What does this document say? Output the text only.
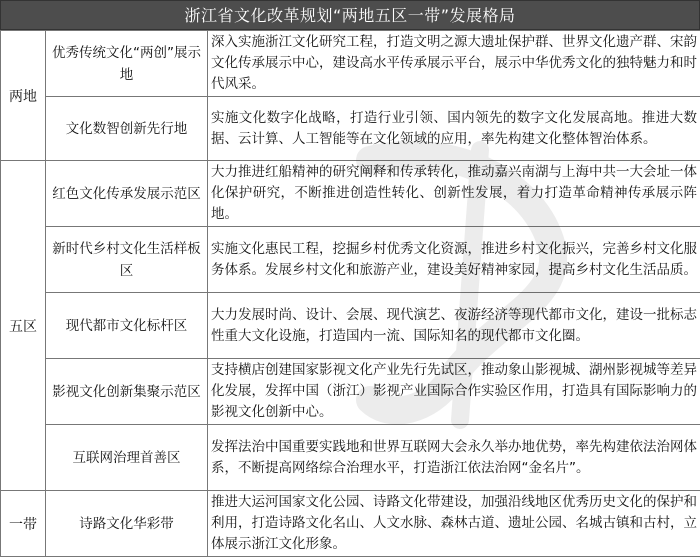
浙江省文化改革规划“两地五区一带”发展格局
两地	优秀传统文化“两创”展示地	深入实施浙江文化研究工程，打造文明之源大遗址保护群、世界文化遗产群、宋韵文化传承展示中心，建设高水平传承展示平台，展示中华优秀文化的独特魅力和时代风采。
	文化数智创新先行地	实施文化数字化战略，打造行业引领、国内领先的数字文化发展高地。推进大数据、云计算、人工智能等在文化领域的应用，率先构建文化整体智治体系。
五区	红色文化传承发展示范区	大力推进红船精神的研究阐释和传承转化，推动嘉兴南湖与上海中共一大会址一体化保护研究，不断推进创造性转化、创新性发展，着力打造革命精神传承展示阵地。
	新时代乡村文化生活样板区	实施文化惠民工程，挖掘乡村优秀文化资源，推进乡村文化振兴，完善乡村文化服务体系。发展乡村文化和旅游产业，建设美好精神家园，提高乡村文化生活品质。
	现代都市文化标杆区	大力发展时尚、设计、会展、现代演艺、夜游经济等现代都市文化，建设一批标志性重大文化设施，打造国内一流、国际知名的现代都市文化圈。
	影视文化创新集聚示范区	支持横店创建国家影视文化产业先行先试区，推动象山影视城、湖州影视城等差异化发展，发挥中国（浙江）影视产业国际合作实验区作用，打造具有国际影响力的影视文化创新中心。
	互联网治理首善区	发挥法治中国重要实践地和世界互联网大会永久举办地优势，率先构建依法治网体系，不断提高网络综合治理水平，打造浙江依法治网“金名片”。
一带	诗路文化华彩带	推进大运河国家文化公园、诗路文化带建设，加强沿线地区优秀历史文化的保护和利用，打造诗路文化名山、人文水脉、森林古道、遗址公园、名城古镇和古村，立体展示浙江文化形象。
